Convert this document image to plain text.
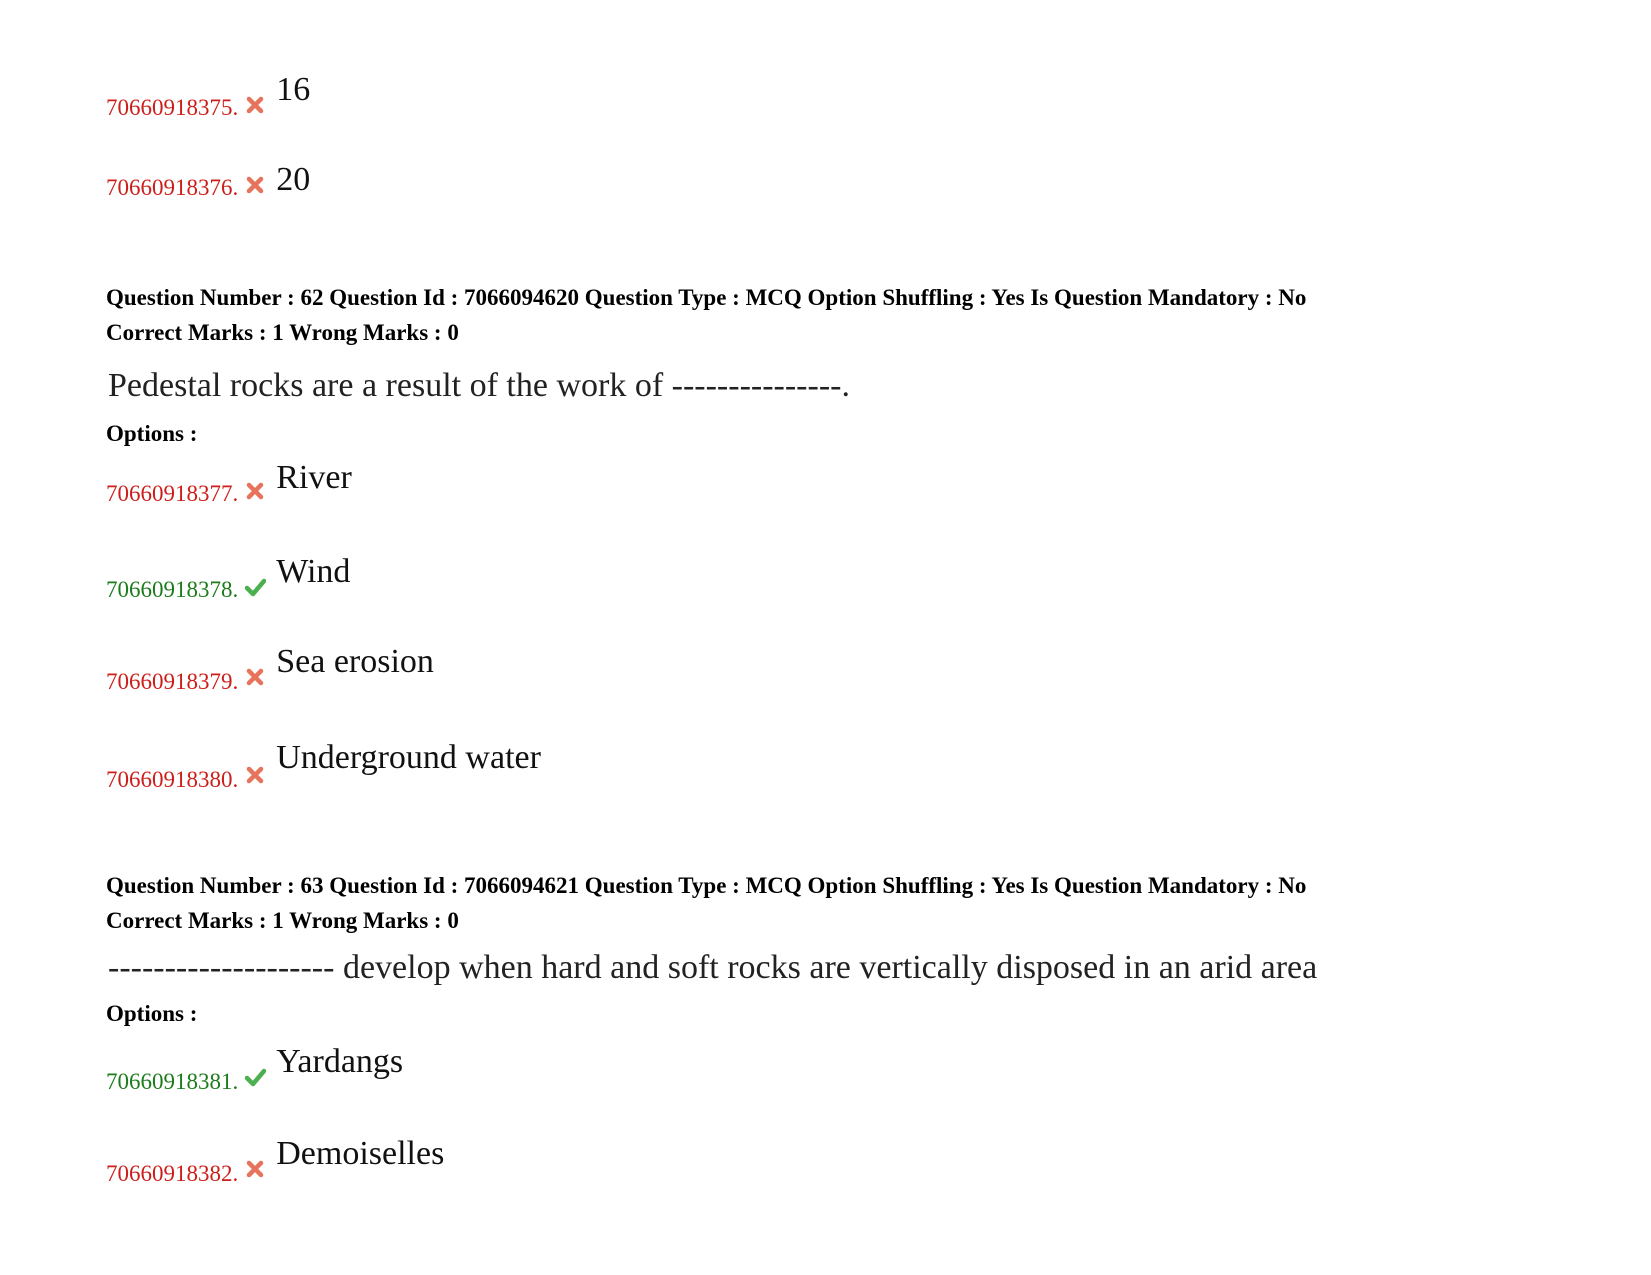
70660918375. 16
70660918376. 20
Question Number : 62 Question Id : 7066094620 Question Type : MCQ Option Shuffling : Yes Is Question Mandatory : No
Correct Marks : 1 Wrong Marks : 0
Pedestal rocks are a result of the work of ---------------.
Options :
70660918377. River
70660918378. Wind
70660918379.
Sea erosion
70660918380.
Underground water
Question Number : 63 Question Id : 7066094621 Question Type : MCQ Option Shuffling : Yes Is Question Mandatory : No
Correct Marks : 1 Wrong Marks : 0
-------------------- develop when hard and soft rocks are vertically disposed in an arid area
Options :
70660918381.
Yardangs
70660918382.
Demoiselles
